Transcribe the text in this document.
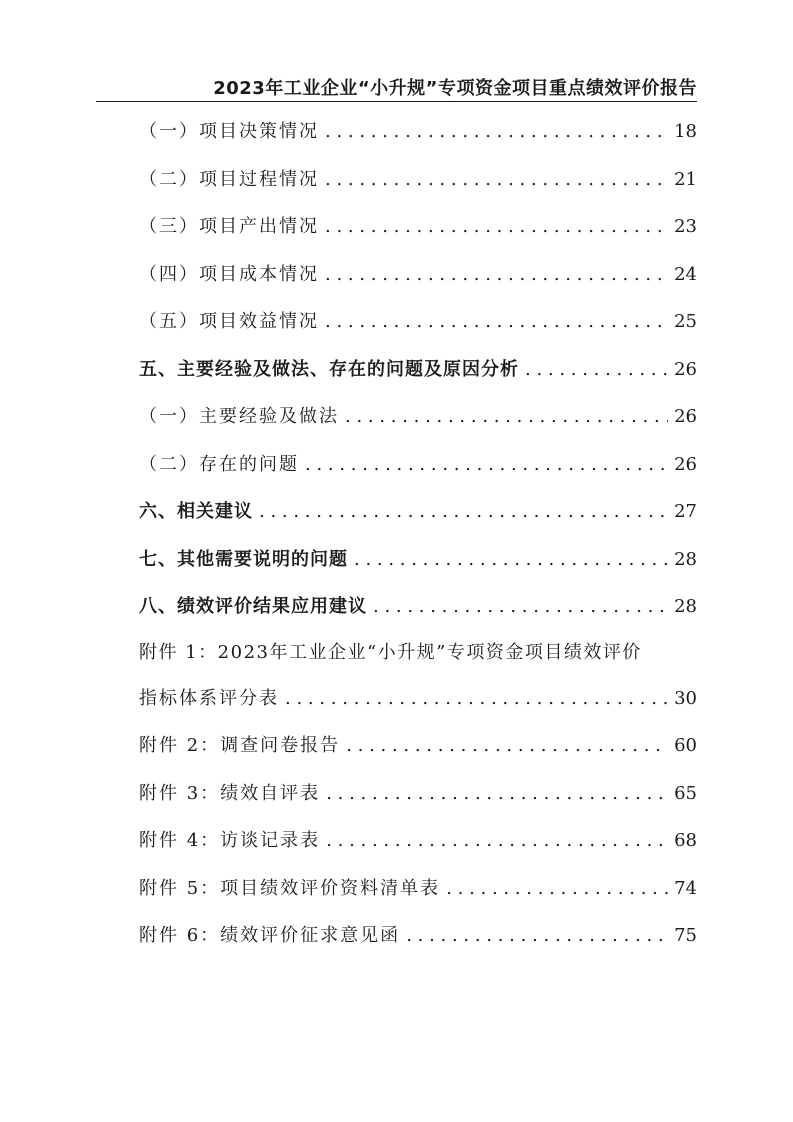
2023年工业企业“小升规”专项资金项目重点绩效评价报告
（一）项目决策情况 . . .	18
（二）项目过程情况 . . .	21
（三）项目产出情况 . . .	23
（四）项目成本情况 . . .	24
（五）项目效益情况 . . .	25
五、主要经验及做法、存在的问题及原因分析 . . .	26
（一）主要经验及做法 . . .	26
（二）存在的问题 . . .	26
六、相关建议 . . .	27
七、其他需要说明的问题 . . .	28
八、绩效评价结果应用建议 . . .	28
附件 1：2023年工业企业“小升规”专项资金项目绩效评价
指标体系评分表 . . .	30
附件 2：调查问卷报告 . . .	60
附件 3：绩效自评表 . . .	65
附件 4：访谈记录表 . . .	68
附件 5：项目绩效评价资料清单表 . . .	74
附件 6：绩效评价征求意见函 . . .	75
